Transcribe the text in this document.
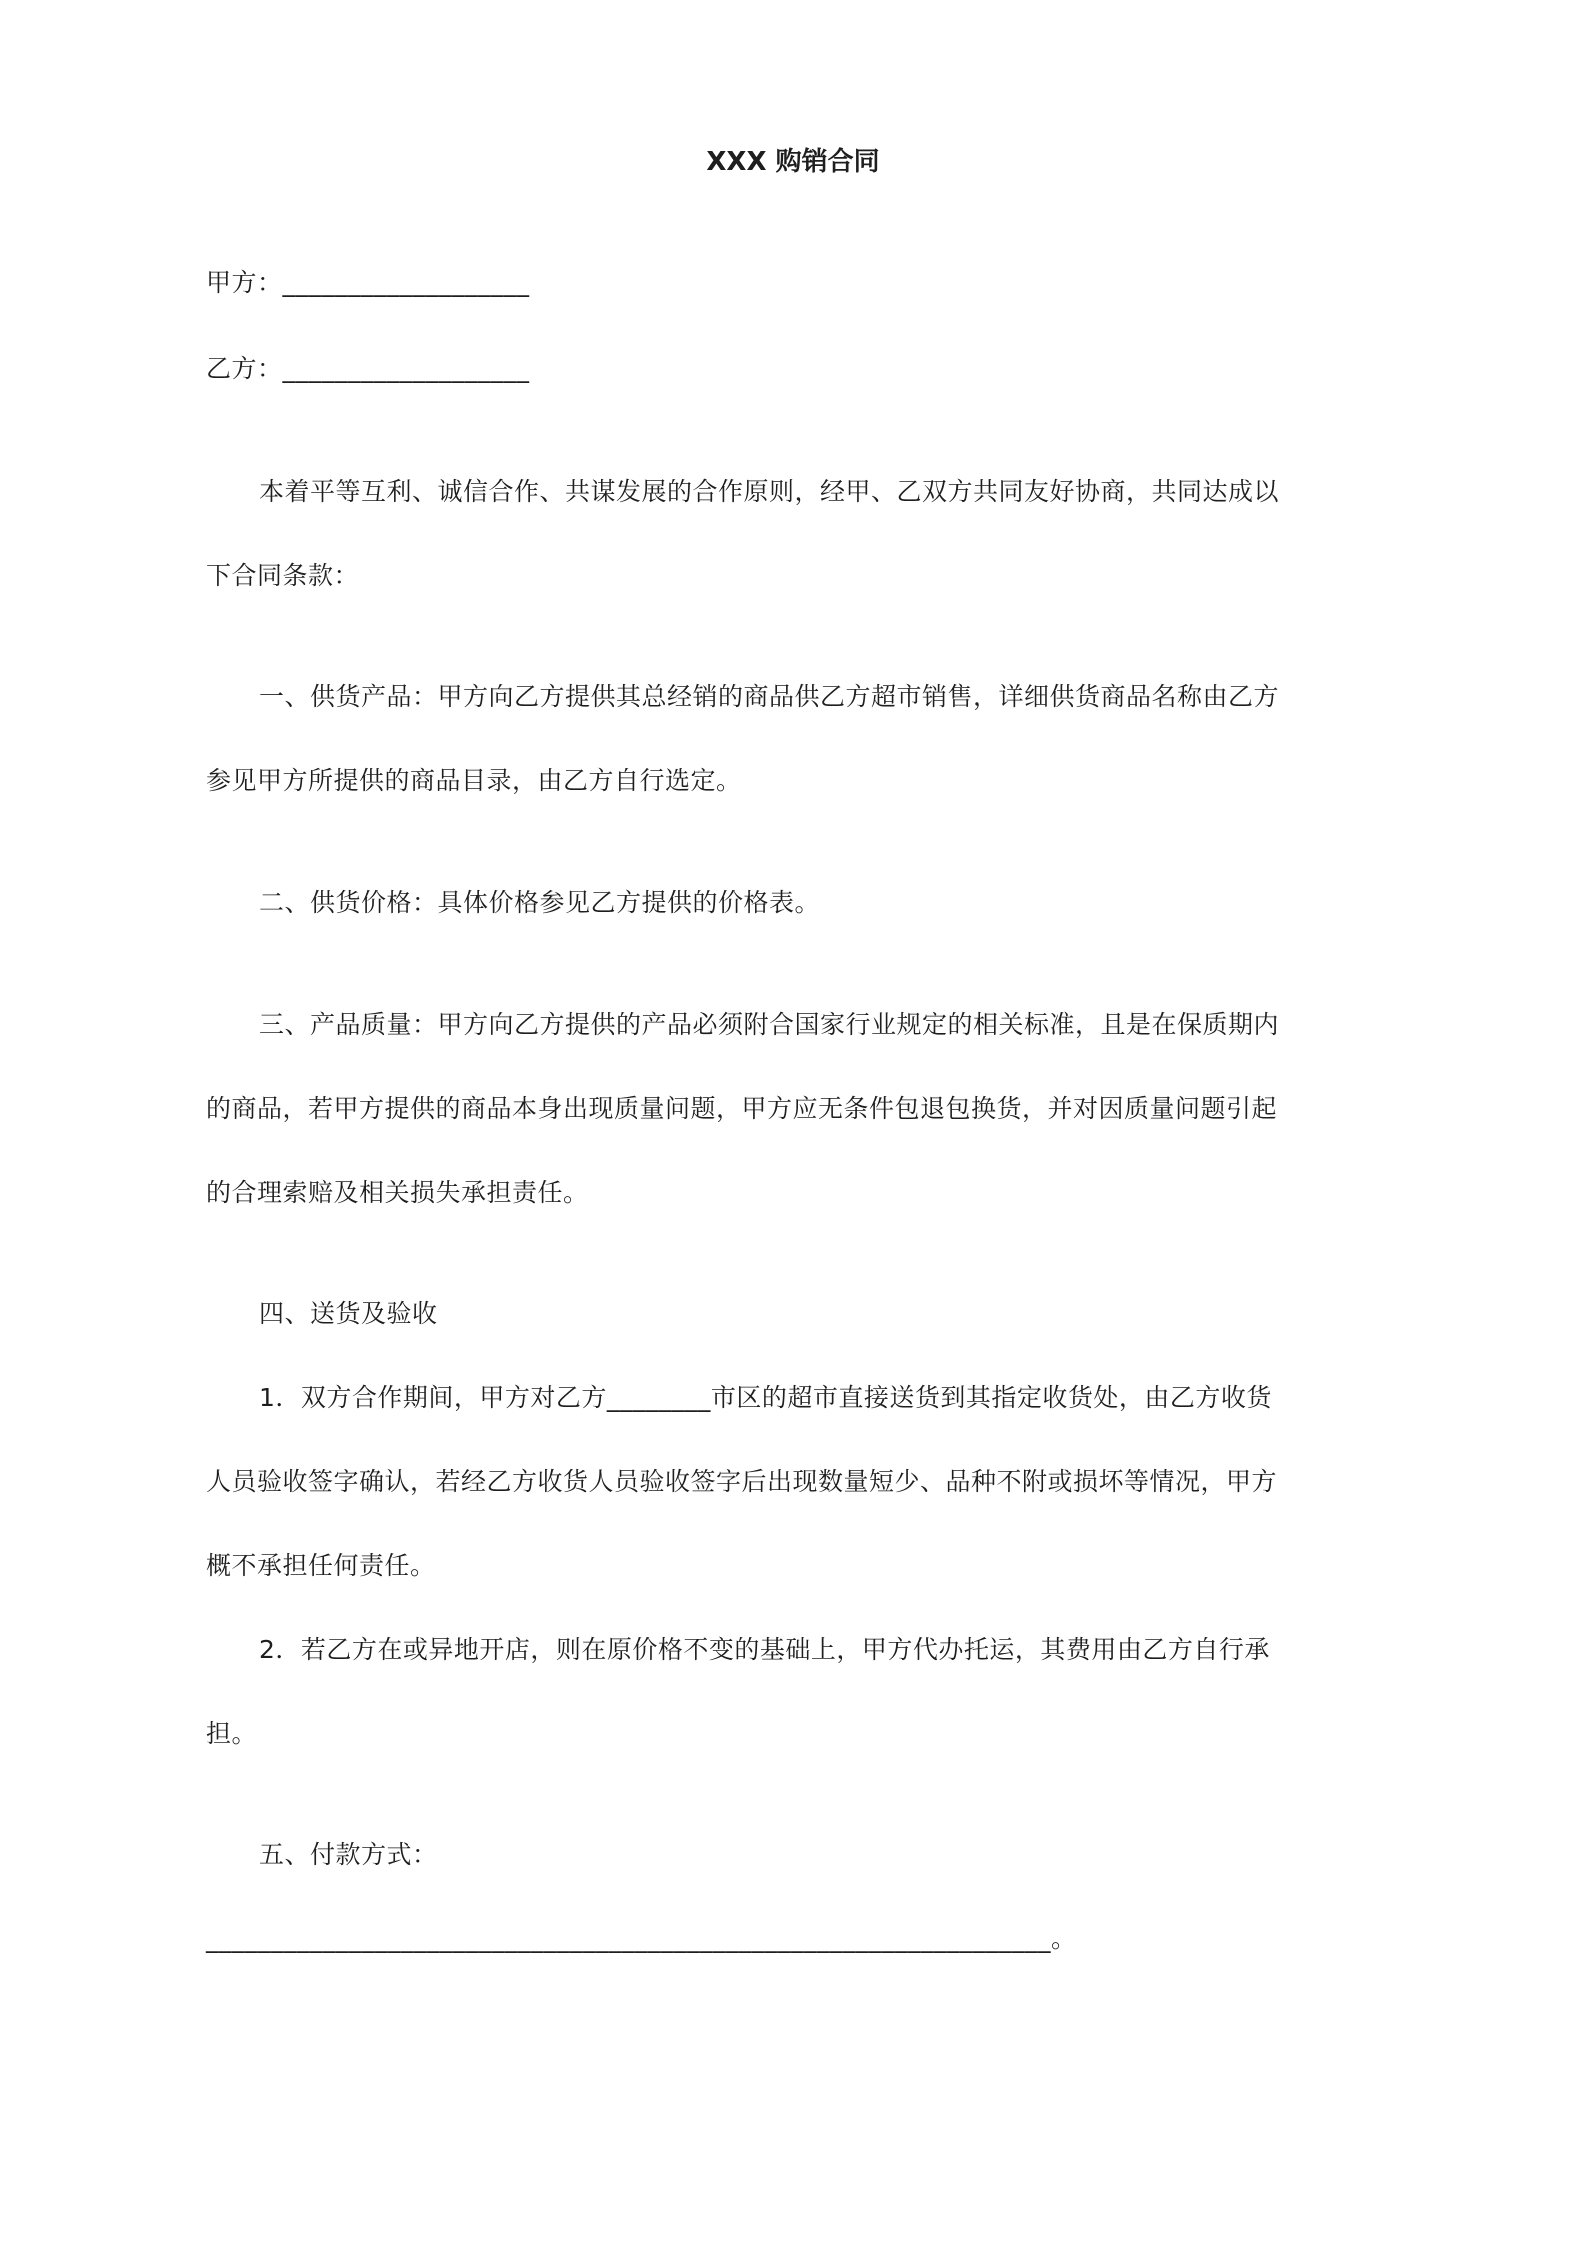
XXX 购销合同
甲方：___________________
乙方：___________________
本着平等互利、诚信合作、共谋发展的合作原则，经甲、乙双方共同友好协商，共同达成以
下合同条款：
一、供货产品：甲方向乙方提供其总经销的商品供乙方超市销售，详细供货商品名称由乙方
参见甲方所提供的商品目录，由乙方自行选定。
二、供货价格：具体价格参见乙方提供的价格表。
三、产品质量：甲方向乙方提供的产品必须附合国家行业规定的相关标准，且是在保质期内
的商品，若甲方提供的商品本身出现质量问题，甲方应无条件包退包换货，并对因质量问题引起
的合理索赔及相关损失承担责任。
四、送货及验收
1．双方合作期间，甲方对乙方________市区的超市直接送货到其指定收货处，由乙方收货
人员验收签字确认，若经乙方收货人员验收签字后出现数量短少、品种不附或损坏等情况，甲方
概不承担任何责任。
2．若乙方在或异地开店，则在原价格不变的基础上，甲方代办托运，其费用由乙方自行承
担。
五、付款方式：
_________________________________________________________________。
